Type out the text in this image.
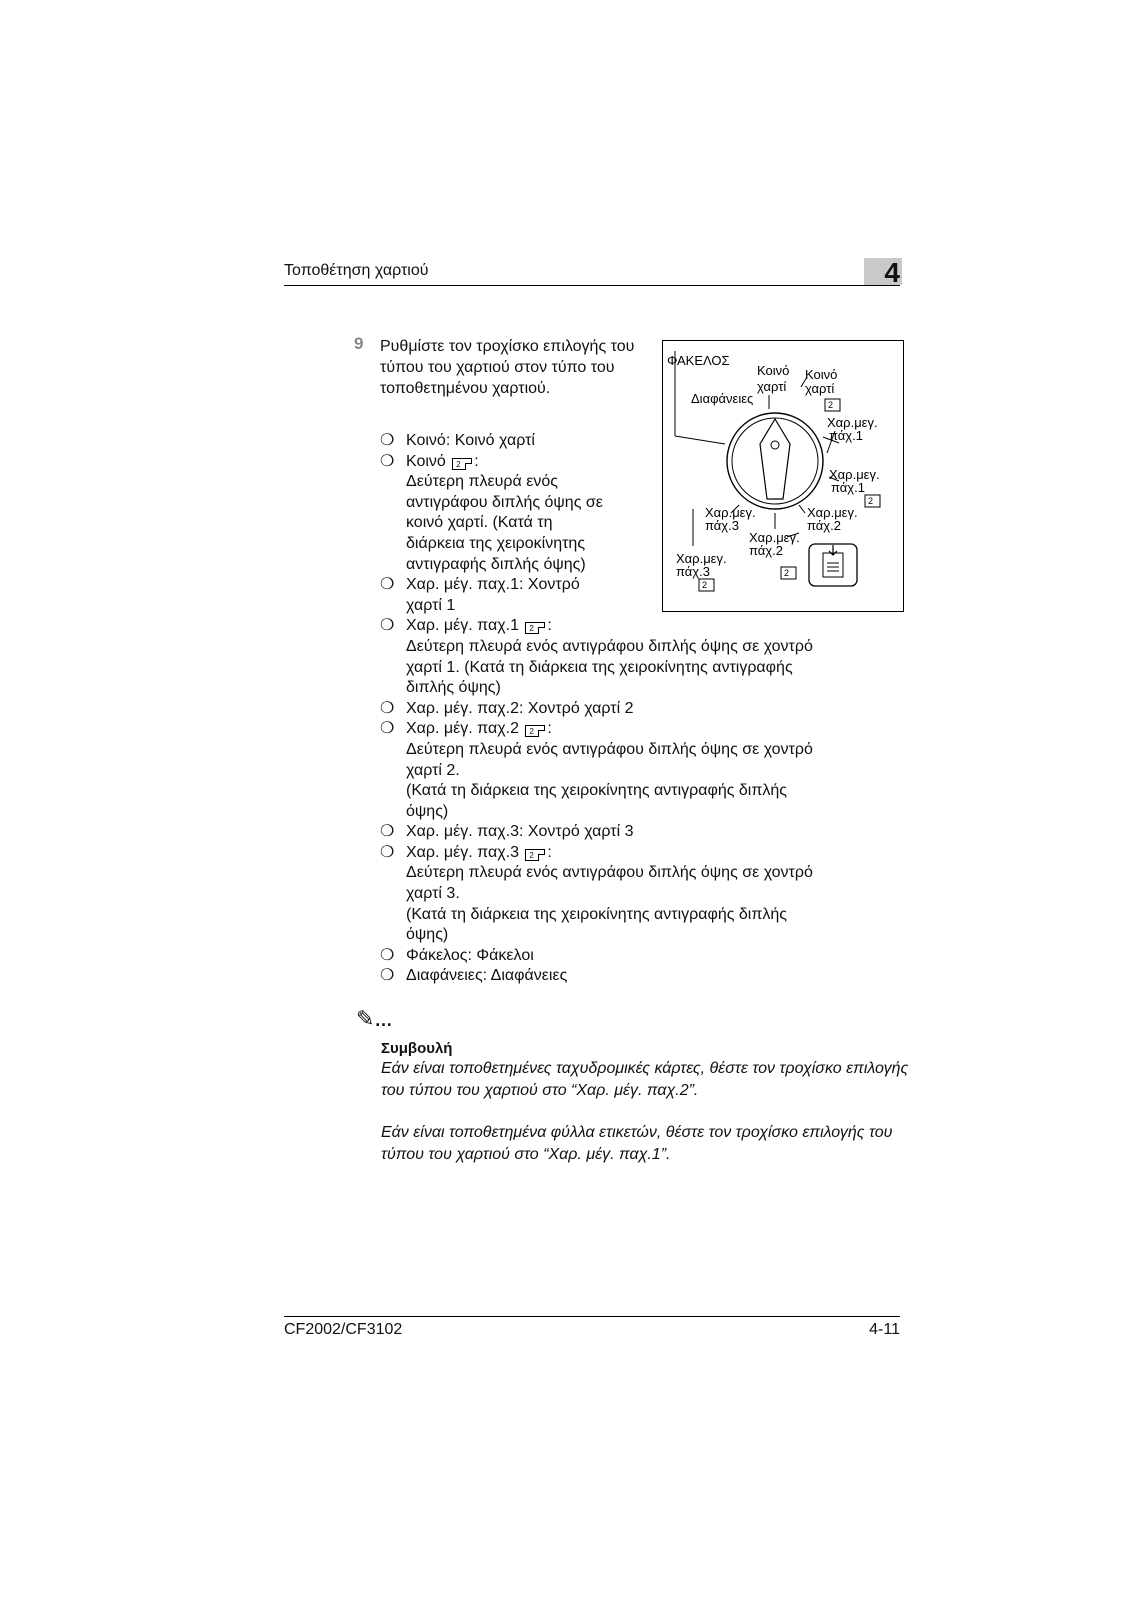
Τοποθέτηση χαρτιού	4
9 Ρυθμίστε τον τροχίσκο επιλογής του τύπου του χαρτιού στον τύπο του τοποθετημένου χαρτιού.
❍ Κοινό: Κοινό χαρτί
❍ Κοινό 2 :
Δεύτερη πλευρά ενός
αντιγράφου διπλής όψης σε
κοινό χαρτί. (Κατά τη
διάρκεια της χειροκίνητης
αντιγραφής διπλής όψης)
❍ Χαρ. μέγ. παχ.1: Χοντρό
χαρτί 1
❍ Χαρ. μέγ. παχ.1 2 :
Δεύτερη πλευρά ενός αντιγράφου διπλής όψης σε χοντρό
χαρτί 1. (Κατά τη διάρκεια της χειροκίνητης αντιγραφής
διπλής όψης)
❍ Χαρ. μέγ. παχ.2: Χοντρό χαρτί 2
❍ Χαρ. μέγ. παχ.2 2 :
Δεύτερη πλευρά ενός αντιγράφου διπλής όψης σε χοντρό
χαρτί 2.
(Κατά τη διάρκεια της χειροκίνητης αντιγραφής διπλής
όψης)
❍ Χαρ. μέγ. παχ.3: Χοντρό χαρτί 3
❍ Χαρ. μέγ. παχ.3 2 :
Δεύτερη πλευρά ενός αντιγράφου διπλής όψης σε χοντρό
χαρτί 3.
(Κατά τη διάρκεια της χειροκίνητης αντιγραφής διπλής
όψης)
❍ Φάκελος: Φάκελοι
❍ Διαφάνειες: Διαφάνειες
ΦΑΚΕΛΟΣ
Κοινό
χαρτί
Κοινό
χαρτί
Διαφάνειες
Χαρ.μεγ.
πάχ.1
Χαρ.μεγ.
πάχ.1
Χαρ.μεγ.
πάχ.2
Χαρ.μεγ.
πάχ.2
Χαρ.μεγ.
πάχ.3
Χαρ.μεγ.
πάχ.3
2
2
2
2
✎…
Συμβουλή
Εάν είναι τοποθετημένες ταχυδρομικές κάρτες, θέστε τον τροχίσκο επιλογής του τύπου του χαρτιού στο “Χαρ. μέγ. παχ.2”.
Εάν είναι τοποθετημένα φύλλα ετικετών, θέστε τον τροχίσκο επιλογής του τύπου του χαρτιού στο “Χαρ. μέγ. παχ.1”.
CF2002/CF3102	4-11
